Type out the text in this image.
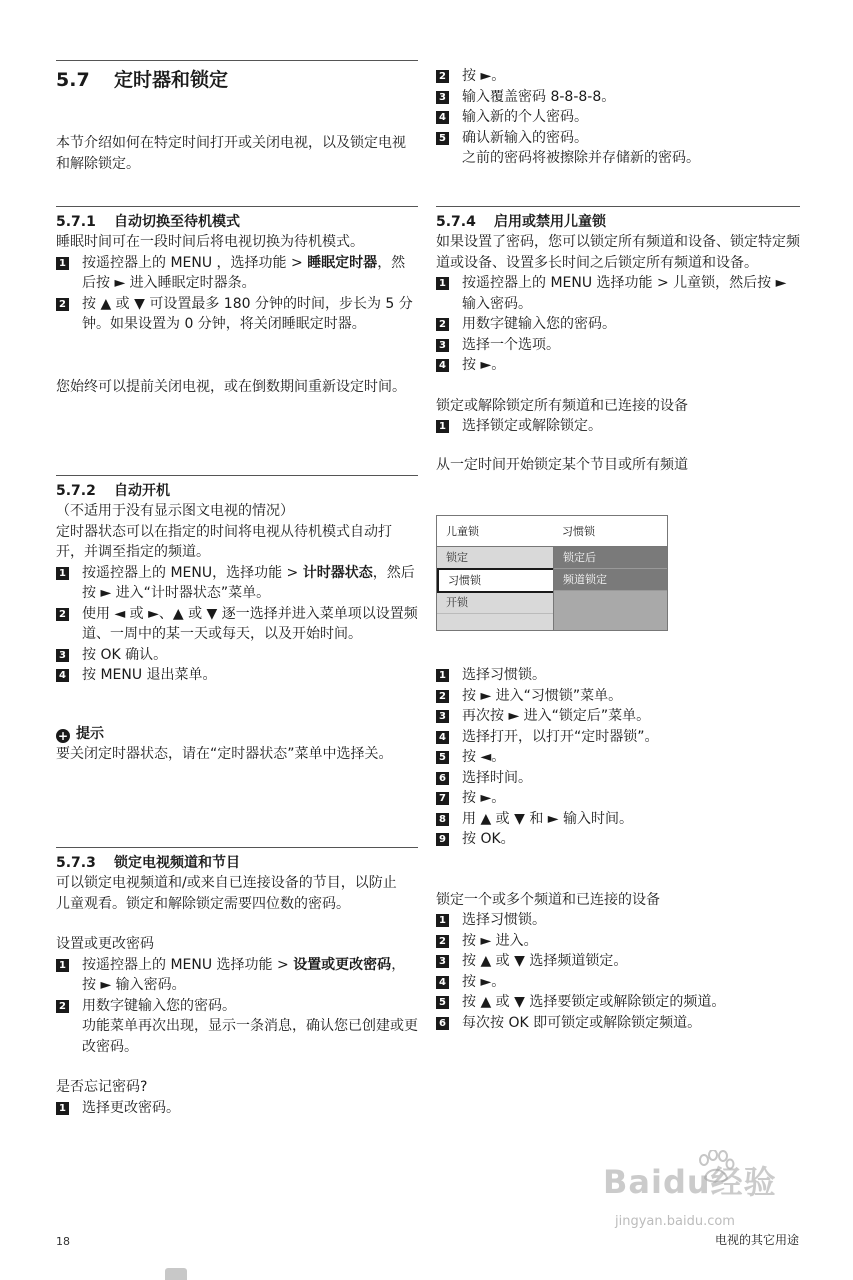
5.7 定时器和锁定

本节介绍如何在特定时间打开或关闭电视，以及锁定电视和解除锁定。

5.7.1 自动切换至待机模式

睡眠时间可在一段时间后将电视切换为待机模式。

1 按遥控器上的 MENU ，选择功能 > 睡眠定时器，然后按 ► 进入睡眠定时器条。
2 按 ▲ 或 ▼ 可设置最多 180 分钟的时间，步长为 5 分钟。如果设置为 0 分钟，将关闭睡眠定时器。

您始终可以提前关闭电视，或在倒数期间重新设定时间。

5.7.2 自动开机

（不适用于没有显示图文电视的情况）

定时器状态可以在指定的时间将电视从待机模式自动打开，并调至指定的频道。

1 按遥控器上的 MENU，选择功能 > 计时器状态，然后按 ► 进入“计时器状态”菜单。
2 使用 ◄ 或 ►、▲ 或 ▼ 逐一选择并进入菜单项以设置频道、一周中的某一天或每天，以及开始时间。
3 按 OK 确认。
4 按 MENU 退出菜单。

+ 提示

要关闭定时器状态，请在“定时器状态”菜单中选择关。

5.7.3 锁定电视频道和节目

可以锁定电视频道和/或来自已连接设备的节目，以防止儿童观看。锁定和解除锁定需要四位数的密码。

设置或更改密码

1 按遥控器上的 MENU 选择功能 > 设置或更改密码，按 ► 输入密码。
2 用数字键输入您的密码。
功能菜单再次出现，显示一条消息，确认您已创建或更改密码。

是否忘记密码?

1 选择更改密码。
2 按 ►。
3 输入覆盖密码 8-8-8-8。
4 输入新的个人密码。
5 确认新输入的密码。
之前的密码将被擦除并存储新的密码。
5.7.4 启用或禁用儿童锁

如果设置了密码，您可以锁定所有频道和设备、锁定特定频道或设备、设置多长时间之后锁定所有频道和设备。

1 按遥控器上的 MENU 选择功能 > 儿童锁，然后按 ► 输入密码。
2 用数字键输入您的密码。
3 选择一个选项。
4 按 ►。

锁定或解除锁定所有频道和已连接的设备

1 选择锁定或解除锁定。

从一定时间开始锁定某个节目或所有频道

儿童锁	习惯锁
锁定
习惯锁
开锁
锁定后
频道锁定
1 选择习惯锁。
2 按 ► 进入“习惯锁”菜单。
3 再次按 ► 进入“锁定后”菜单。
4 选择打开，以打开“定时器锁”。
5 按 ◄。
6 选择时间。
7 按 ►。
8 用 ▲ 或 ▼ 和 ► 输入时间。
9 按 OK。

锁定一个或多个频道和已连接的设备

1 选择习惯锁。
2 按 ► 进入。
3 按 ▲ 或 ▼ 选择频道锁定。
4 按 ►。
5 按 ▲ 或 ▼ 选择要锁定或解除锁定的频道。
6 每次按 OK 即可锁定或解除锁定频道。
Baidu经验
jingyan.baidu.com
18	电视的其它用途
